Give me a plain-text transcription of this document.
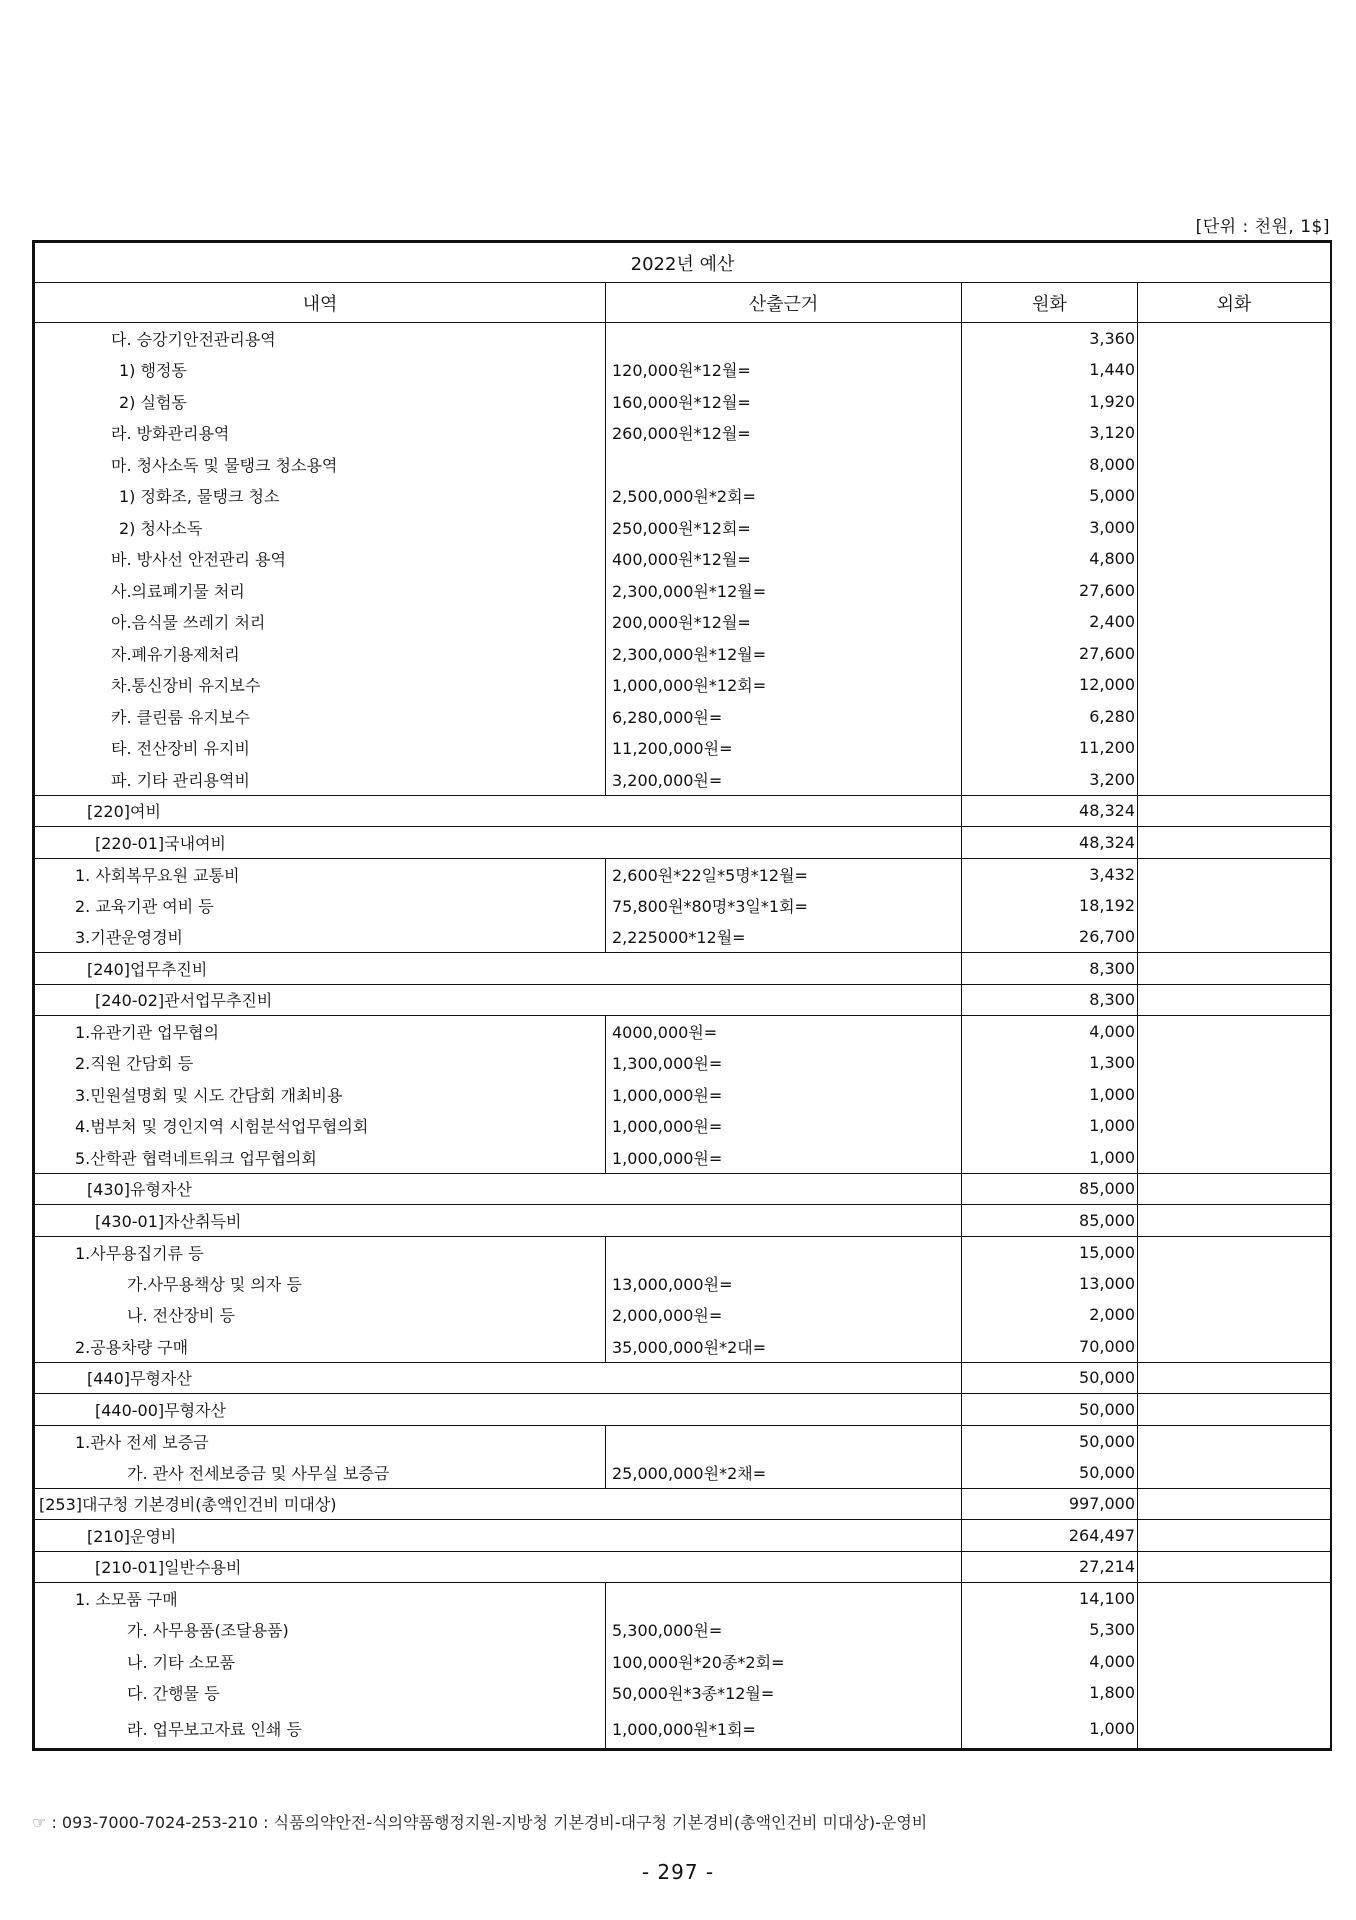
[단위 : 천원, 1$]
2022년 예산			
내역	산출근거	원화	외화
다. 승강기안전관리용역		3,360	
1) 행정동	120,000원*12월=	1,440	
2) 실험동	160,000원*12월=	1,920	
라. 방화관리용역	260,000원*12월=	3,120	
마. 청사소독 및 물탱크 청소용역		8,000	
1) 정화조, 물탱크 청소	2,500,000원*2회=	5,000	
2) 청사소독	250,000원*12회=	3,000	
바. 방사선 안전관리 용역	400,000원*12월=	4,800	
사.의료폐기물 처리	2,300,000원*12월=	27,600	
아.음식물 쓰레기 처리	200,000원*12월=	2,400	
자.폐유기용제처리	2,300,000원*12월=	27,600	
차.통신장비 유지보수	1,000,000원*12회=	12,000	
카. 클린룸 유지보수	6,280,000원=	6,280	
타. 전산장비 유지비	11,200,000원=	11,200	
파. 기타 관리용역비	3,200,000원=	3,200	
[220]여비		48,324	
[220-01]국내여비		48,324	
1. 사회복무요원 교통비	2,600원*22일*5명*12월=	3,432	
2. 교육기관 여비 등	75,800원*80명*3일*1회=	18,192	
3.기관운영경비	2,225000*12월=	26,700	
[240]업무추진비		8,300	
[240-02]관서업무추진비		8,300	
1.유관기관 업무협의	4000,000원=	4,000	
2.직원 간담회 등	1,300,000원=	1,300	
3.민원설명회 및 시도 간담회 개최비용	1,000,000원=	1,000	
4.범부처 및 경인지역 시험분석업무협의회	1,000,000원=	1,000	
5.산학관 협력네트워크 업무협의회	1,000,000원=	1,000	
[430]유형자산		85,000	
[430-01]자산취득비		85,000	
1.사무용집기류 등		15,000	
가.사무용책상 및 의자 등	13,000,000원=	13,000	
나. 전산장비 등	2,000,000원=	2,000	
2.공용차량 구매	35,000,000원*2대=	70,000	
[440]무형자산		50,000	
[440-00]무형자산		50,000	
1.관사 전세 보증금		50,000	
가. 관사 전세보증금 및 사무실 보증금	25,000,000원*2채=	50,000	
[253]대구청 기본경비(총액인건비 미대상)		997,000	
[210]운영비		264,497	
[210-01]일반수용비		27,214	
1. 소모품 구매		14,100	
가. 사무용품(조달용품)	5,300,000원=	5,300	
나. 기타 소모품	100,000원*20종*2회=	4,000	
다. 간행물 등	50,000원*3종*12월=	1,800	
라. 업무보고자료 인쇄 등	1,000,000원*1회=	1,000	
☞ : 093-7000-7024-253-210 : 식품의약안전-식의약품행정지원-지방청 기본경비-대구청 기본경비(총액인건비 미대상)-운영비
- 297 -
